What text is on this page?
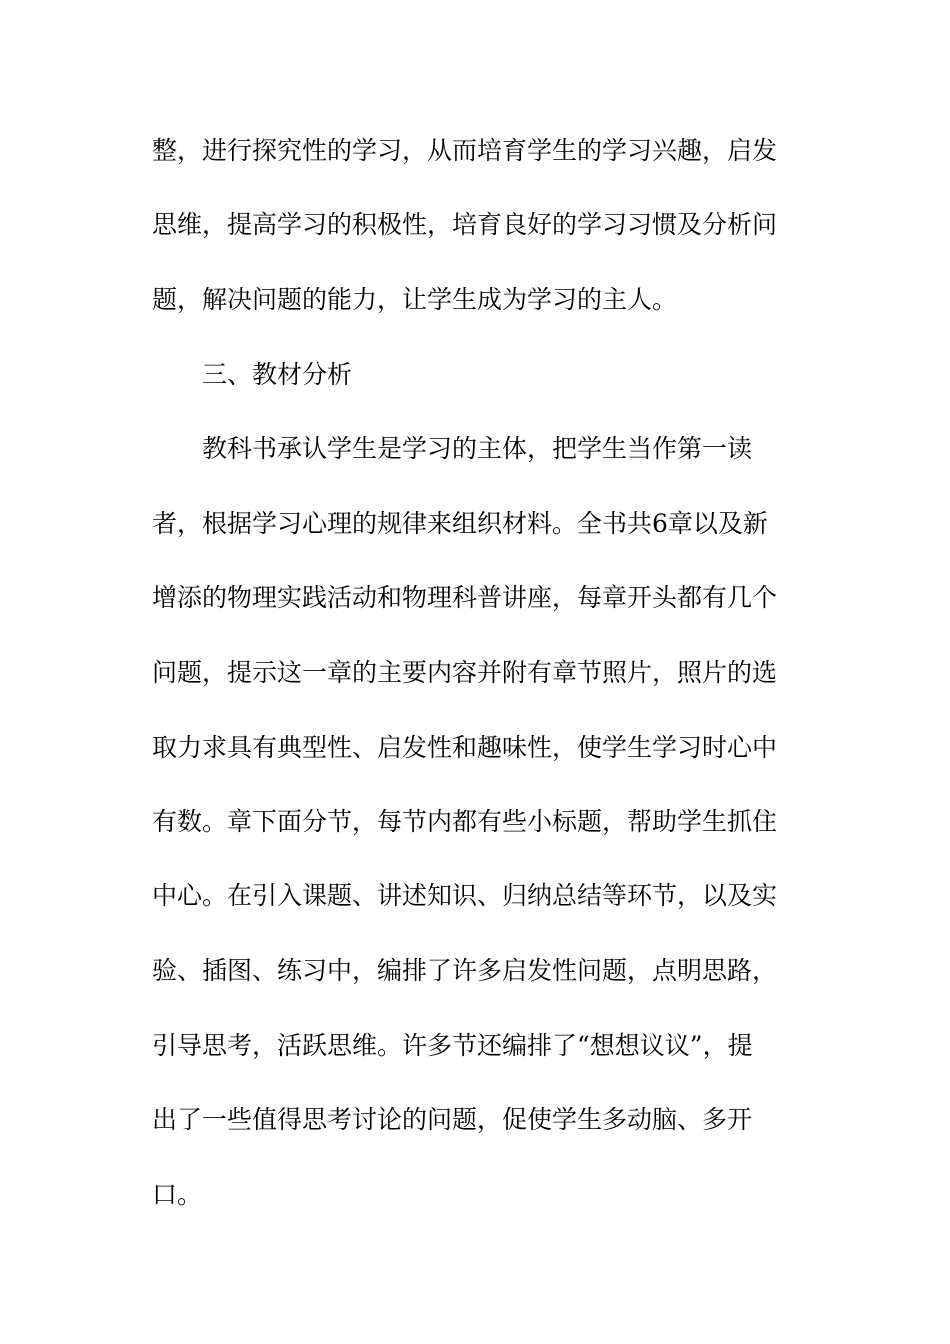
整，进行探究性的学习，从而培育学生的学习兴趣，启发
思维，提高学习的积极性，培育良好的学习习惯及分析问
题，解决问题的能力，让学生成为学习的主人。
三、教材分析
教科书承认学生是学习的主体，把学生当作第一读
者，根据学习心理的规律来组织材料。全书共6章以及新
增添的物理实践活动和物理科普讲座，每章开头都有几个
问题，提示这一章的主要内容并附有章节照片，照片的选
取力求具有典型性、启发性和趣味性，使学生学习时心中
有数。章下面分节，每节内都有些小标题，帮助学生抓住
中心。在引入课题、讲述知识、归纳总结等环节，以及实
验、插图、练习中，编排了许多启发性问题，点明思路，
引导思考，活跃思维。许多节还编排了“想想议议”，提
出了一些值得思考讨论的问题，促使学生多动脑、多开
口。
